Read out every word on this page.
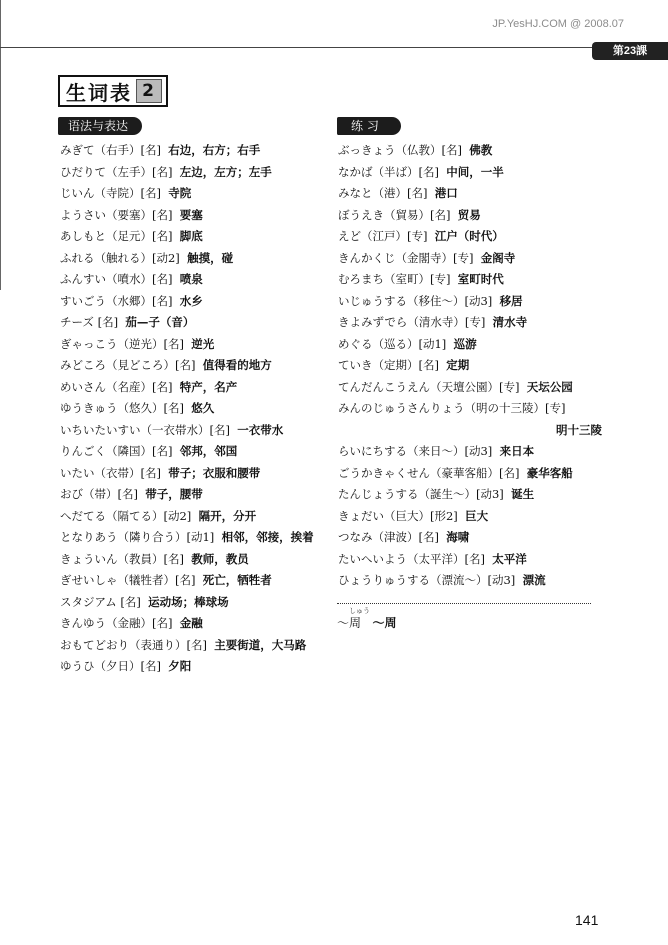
JP.YesHJ.COM @ 2008.07
第23課
生词表 2
语法与表达	练 习
みぎて（右手）[名] 右边，右方；右手
ひだりて（左手）[名] 左边，左方；左手
じいん（寺院）[名] 寺院
ようさい（要塞）[名] 要塞
あしもと（足元）[名] 脚底
ふれる（触れる）[动2] 触摸，碰
ふんすい（噴水）[名] 喷泉
すいごう（水郷）[名] 水乡
チーズ [名] 茄—子（音）
ぎゃっこう（逆光）[名] 逆光
みどころ（見どころ）[名] 值得看的地方
めいさん（名産）[名] 特产，名产
ゆうきゅう（悠久）[名] 悠久
いちいたいすい（一衣帯水）[名] 一衣带水
りんごく（隣国）[名] 邻邦，邻国
いたい（衣帯）[名] 带子；衣服和腰带
おび（帯）[名] 带子，腰带
へだてる（隔てる）[动2] 隔开，分开
となりあう（隣り合う）[动1] 相邻，邻接，挨着
きょういん（教員）[名] 教师，教员
ぎせいしゃ（犠牲者）[名] 死亡，牺牲者
スタジアム [名] 运动场；棒球场
きんゆう（金融）[名] 金融
おもてどおり（表通り）[名] 主要街道，大马路
ゆうひ（夕日）[名] 夕阳
ぶっきょう（仏教）[名] 佛教
なかば（半ば）[名] 中间，一半
みなと（港）[名] 港口
ぼうえき（貿易）[名] 贸易
えど（江戸）[专] 江户（时代）
きんかくじ（金閣寺）[专] 金阁寺
むろまち（室町）[专] 室町时代
いじゅうする（移住～）[动3] 移居
きよみずでら（清水寺）[专] 清水寺
めぐる（巡る）[动1] 巡游
ていき（定期）[名] 定期
てんだんこうえん（天壇公園）[专] 天坛公园
みんのじゅうさんりょう（明の十三陵）[专]
明十三陵
らいにちする（来日～）[动3] 来日本
ごうかきゃくせん（豪華客船）[名] 豪华客船
たんじょうする（誕生～）[动3] 诞生
きょだい（巨大）[形2] 巨大
つなみ（津波）[名] 海啸
たいへいよう（太平洋）[名] 太平洋
ひょうりゅうする（漂流～）[动3] 漂流
しゅう
～周 ～周
141
